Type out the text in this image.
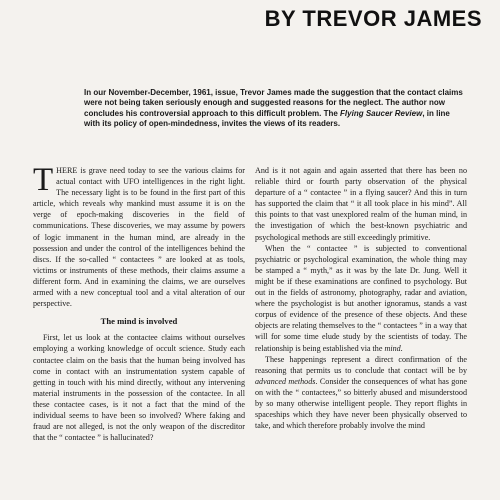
BY TREVOR JAMES

In our November-December, 1961, issue, Trevor James made the suggestion that the contact claims were not being taken seriously enough and suggested reasons for the neglect. The author now concludes his controversial approach to this difficult problem. The Flying Saucer Review, in line with its policy of open-mindedness, invites the views of its readers.

THERE is grave need today to see the various claims for actual contact with UFO intelligences in the right light. The necessary light is to be found in the first part of this article, which reveals why mankind must assume it is on the verge of epoch-making discoveries in the field of communications. These discoveries, we may assume by powers of logic immanent in the human mind, are already in the possession and under the control of the intelligences behind the discs. If the so-called “ contactees ” are looked at as tools, victims or instruments of these methods, their claims assume a different form. And in examining the claims, we are ourselves armed with a new conceptual tool and a vital alteration of our perspective.

The mind is involved

First, let us look at the contactee claims without ourselves employing a working knowledge of occult science. Study each contactee claim on the basis that the human being involved has come in contact with an instrumentation system capable of getting in touch with his mind directly, without any intervening material instruments in the possession of the contactee. In all these contactee cases, is it not a fact that the mind of the individual seems to have been so involved? Where faking and fraud are not alleged, is not the only weapon of the discreditor that the “ contactee ” is hallucinated?

And is it not again and again asserted that there has been no reliable third or fourth party observation of the physical departure of a “ contactee ” in a flying saucer? And this in turn has supported the claim that “ it all took place in his mind”. All this points to that vast unexplored realm of the human mind, in the investigation of which the best-known psychiatric and psychological methods are still exceedingly primitive.

When the “ contactee ” is subjected to conventional psychiatric or psychological examination, the whole thing may be stamped a “ myth,” as it was by the late Dr. Jung. Well it might be if these examinations are confined to psychology. But out in the fields of astronomy, photography, radar and aviation, where the psychologist is but another ignoramus, stands a vast corpus of evidence of the presence of these objects. And these objects are relating themselves to the “ contactees ” in a way that will for some time elude study by the scientists of today. The relationship is being established via the mind.

These happenings represent a direct confirmation of the reasoning that permits us to conclude that contact will be by advanced methods. Consider the consequences of what has gone on with the “ contactees,” so bitterly abused and misunderstood by so many otherwise intelligent people. They report flights in spaceships which they have never been physically observed to take, and which therefore probably involve the mind
